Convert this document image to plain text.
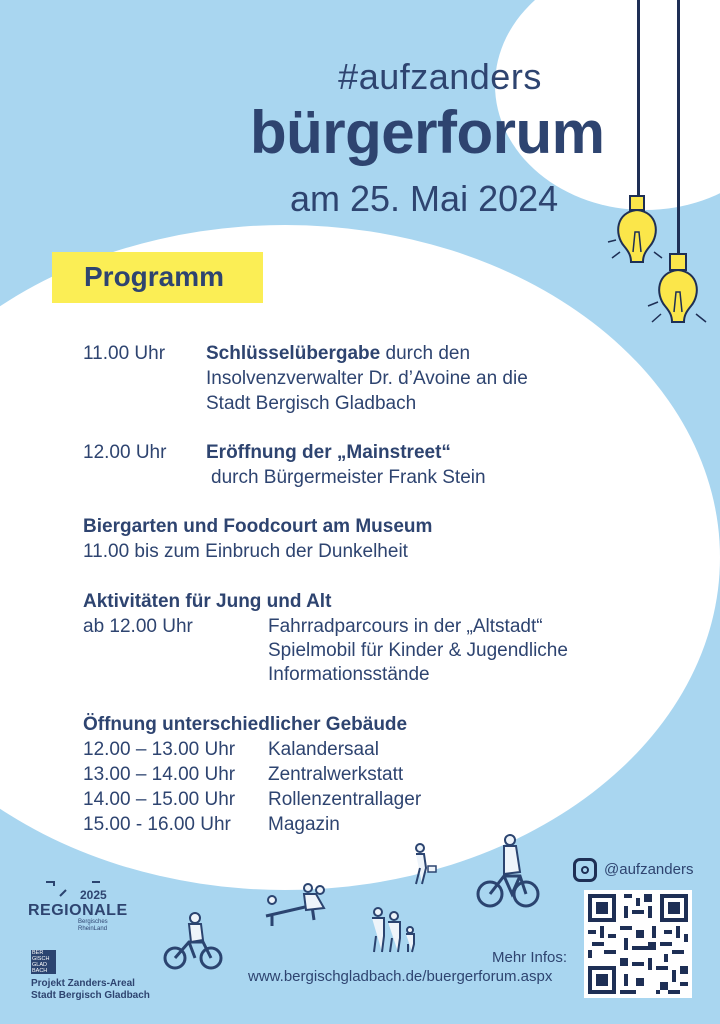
#aufzanders
bürgerforum
am 25. Mai 2024
Programm
11.00 Uhr Schlüsselübergabe durch den
Insolvenzverwalter Dr. d’Avoine an die
Stadt Bergisch Gladbach
12.00 Uhr Eröffnung der „Mainstreet“
durch Bürgermeister Frank Stein
Biergarten und Foodcourt am Museum
11.00 bis zum Einbruch der Dunkelheit
Aktivitäten für Jung und Alt
ab 12.00 Uhr	Fahrradparcours in der „Altstadt“
Spielmobil für Kinder & Jugendliche
Informationsstände
Öffnung unterschiedlicher Gebäude
12.00 – 13.00 Uhr Kalandersaal
13.00 – 14.00 Uhr Zentralwerkstatt
14.00 – 15.00 Uhr Rollenzentrallager
15.00 - 16.00 Uhr Magazin
2025
REGIONALE
Bergisches
RheinLand
BER
GISCH
GLAD
BACH
Projekt Zanders-Areal
Stadt Bergisch Gladbach
@aufzanders
Mehr Infos:
www.bergischgladbach.de/buergerforum.aspx
